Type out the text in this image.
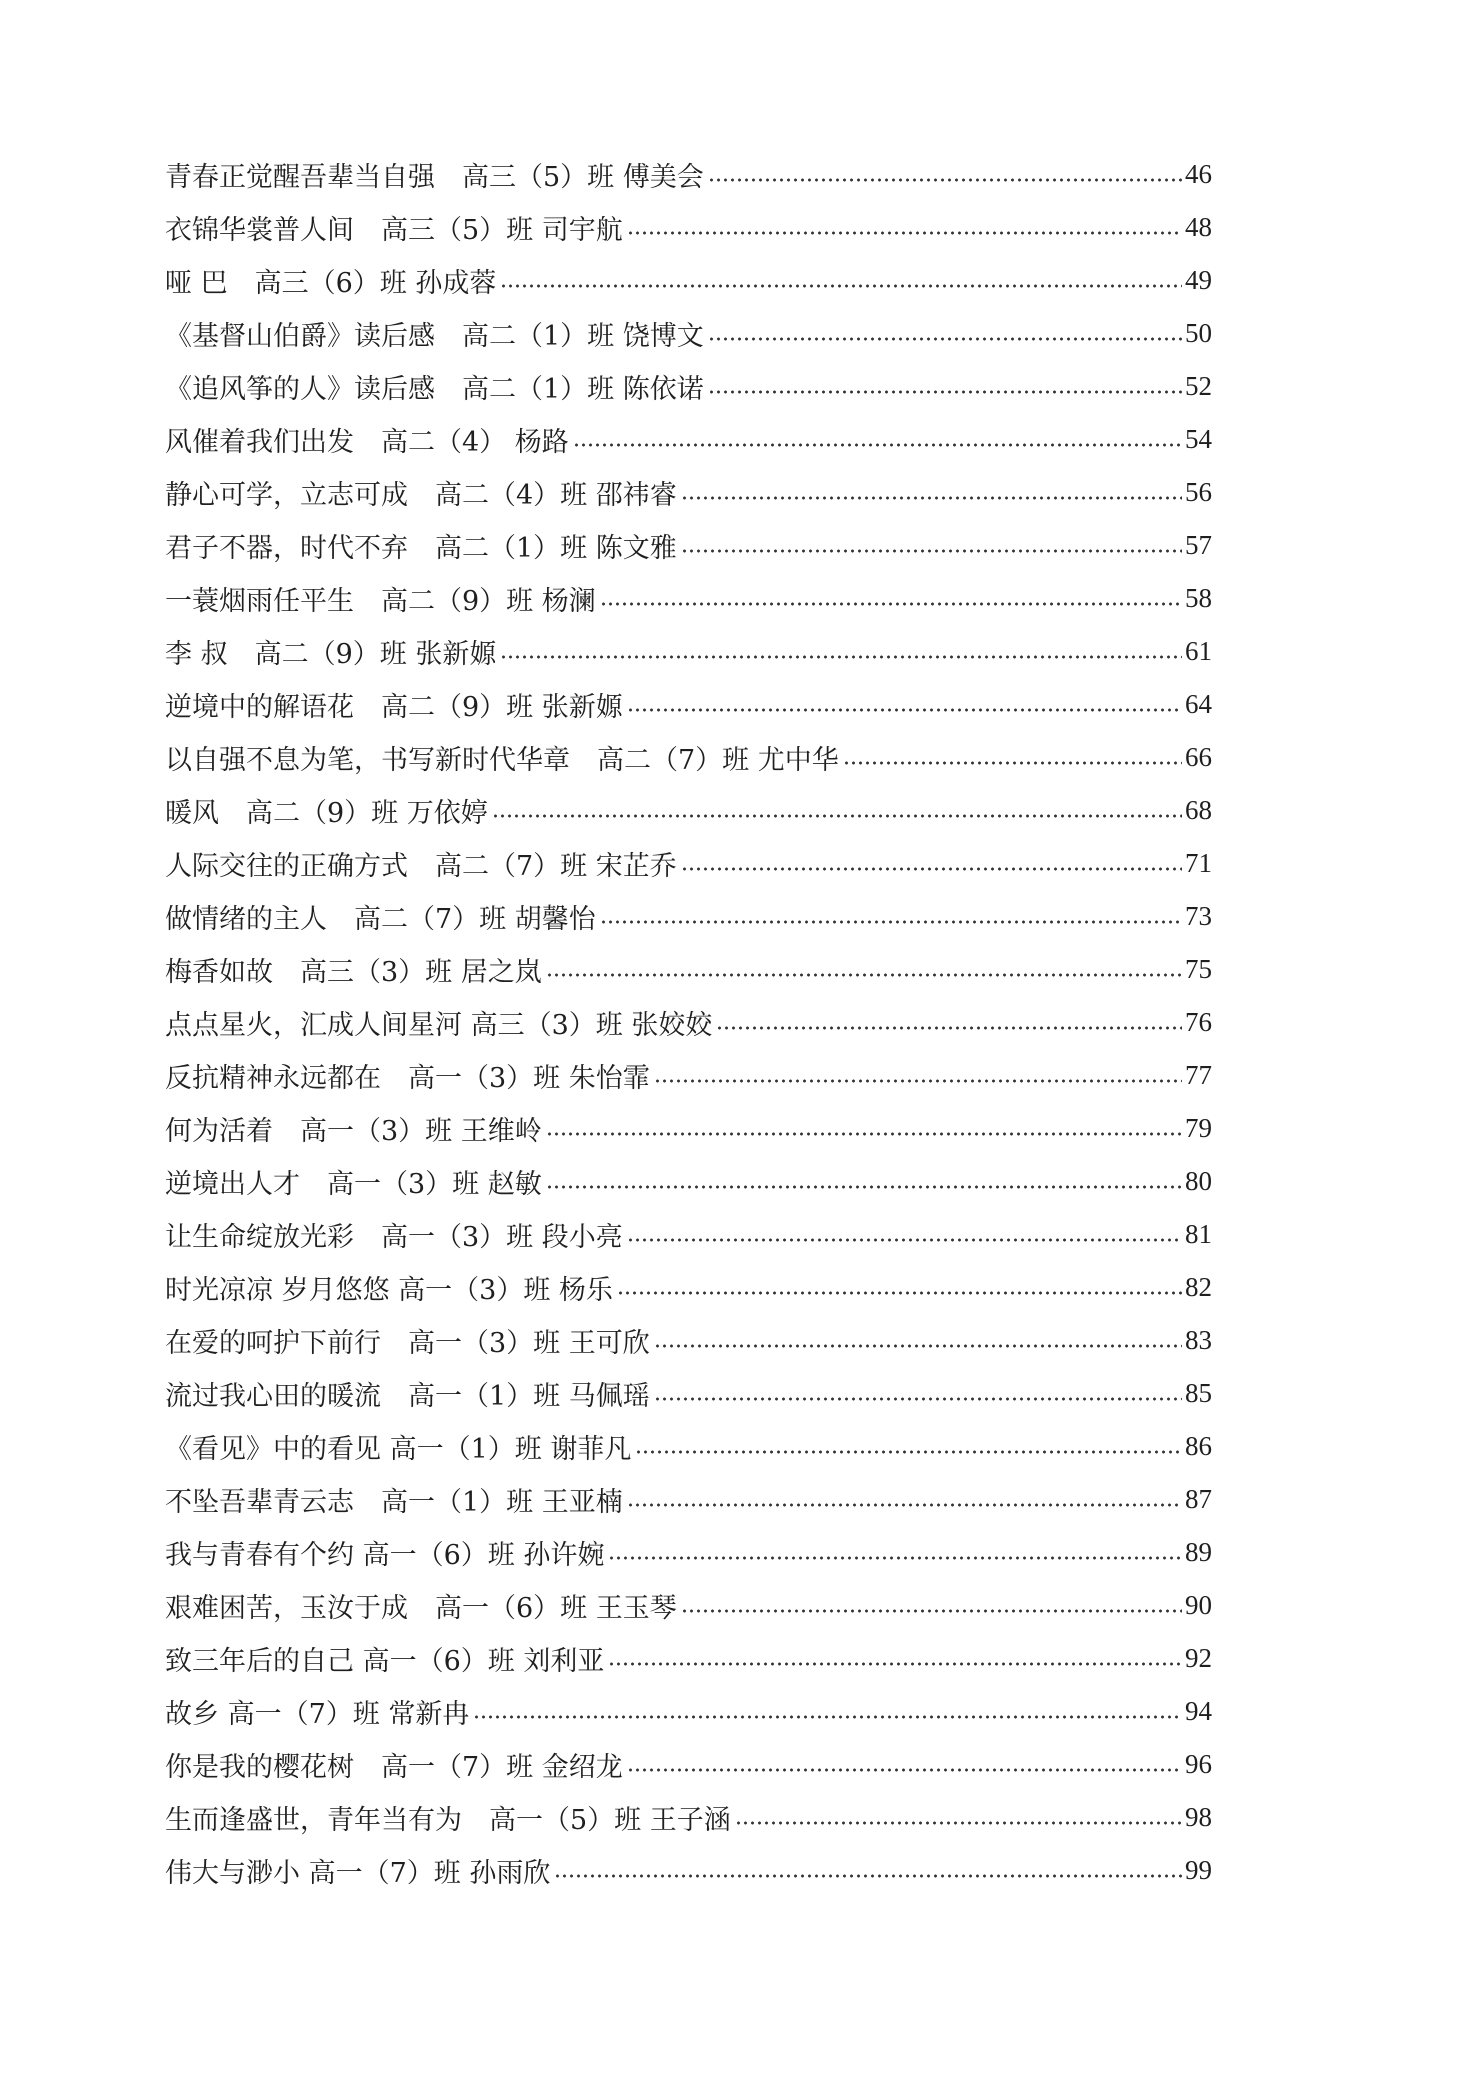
青春正觉醒吾辈当自强　高三（5）班 傅美会	46
衣锦华裳普人间　高三（5）班 司宇航	48
哑 巴　高三（6）班 孙成蓉	49
《基督山伯爵》读后感　高二（1）班 饶博文	50
《追风筝的人》读后感　高二（1）班 陈依诺	52
风催着我们出发　高二（4） 杨路	54
静心可学，立志可成　高二（4）班 邵祎睿	56
君子不器，时代不弃　高二（1）班 陈文雅	57
一蓑烟雨任平生　高二（9）班 杨澜	58
李 叔　高二（9）班 张新嫄	61
逆境中的解语花　高二（9）班 张新嫄	64
以自强不息为笔，书写新时代华章　高二（7）班 尤中华	66
暖风　高二（9）班 万依婷	68
人际交往的正确方式　高二（7）班 宋芷乔	71
做情绪的主人　高二（7）班 胡馨怡	73
梅香如故　高三（3）班 居之岚	75
点点星火，汇成人间星河 高三（3）班 张姣姣	76
反抗精神永远都在　高一（3）班 朱怡霏	77
何为活着　高一（3）班 王维岭	79
逆境出人才　高一（3）班 赵敏	80
让生命绽放光彩　高一（3）班 段小亮	81
时光凉凉 岁月悠悠 高一（3）班 杨乐	82
在爱的呵护下前行　高一（3）班 王可欣	83
流过我心田的暖流　高一（1）班 马佩瑶	85
《看见》中的看见 高一（1）班 谢菲凡	86
不坠吾辈青云志　高一（1）班 王亚楠	87
我与青春有个约 高一（6）班 孙许婉	89
艰难困苦，玉汝于成　高一（6）班 王玉琴	90
致三年后的自己 高一（6）班 刘利亚	92
故乡 高一（7）班 常新冉	94
你是我的樱花树　高一（7）班 金绍龙	96
生而逢盛世，青年当有为　高一（5）班 王子涵	98
伟大与渺小 高一（7）班 孙雨欣	99
